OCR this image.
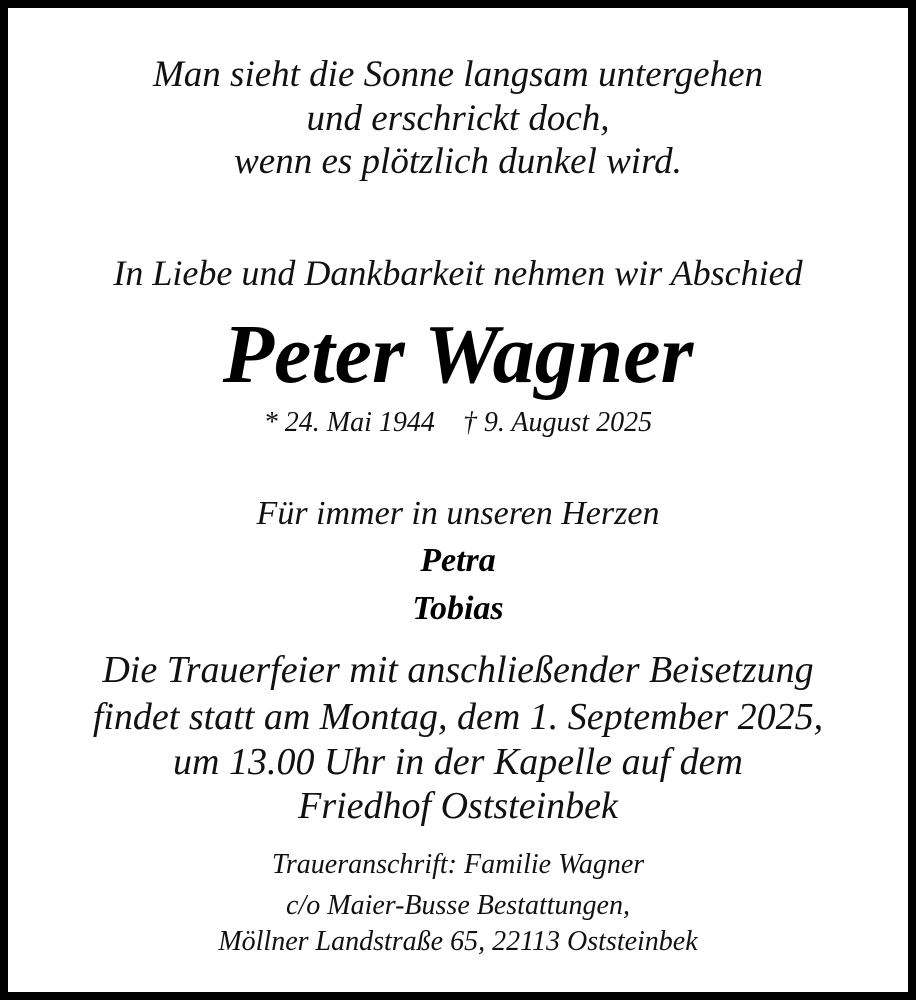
Man sieht die Sonne langsam untergehen
und erschrickt doch,
wenn es plötzlich dunkel wird.
In Liebe und Dankbarkeit nehmen wir Abschied
Peter Wagner
* 24. Mai 1944 † 9. August 2025
Für immer in unseren Herzen
Petra
Tobias
Die Trauerfeier mit anschließender Beisetzung
findet statt am Montag, dem 1. September 2025,
um 13.00 Uhr in der Kapelle auf dem
Friedhof Oststeinbek
Traueranschrift: Familie Wagner
c/o Maier-Busse Bestattungen,
Möllner Landstraße 65, 22113 Oststeinbek
